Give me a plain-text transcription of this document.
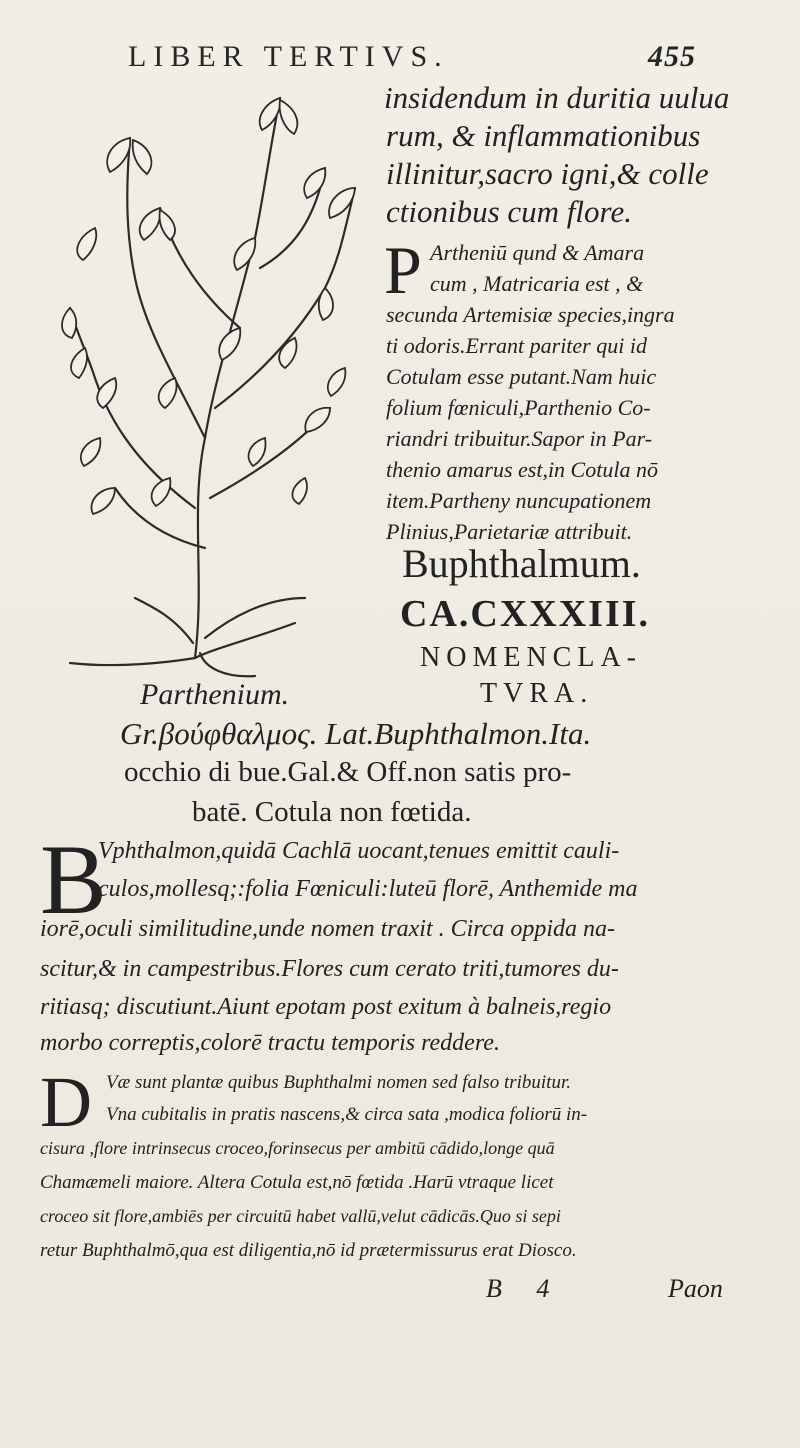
LIBER TERTIVS.	455
Parthenium.
insidendum in duritia uulua
rum, & inflammationibus
illinitur,sacro igni,& colle
ctionibus cum flore.
P Artheniū qund & Amara
cum , Matricaria est , &
secunda Artemisiæ species,ingra
ti odoris.Errant pariter qui id
Cotulam esse putant.Nam huic
folium fœniculi,Parthenio Co-
riandri tribuitur.Sapor in Par-
thenio amarus est,in Cotula nō
item.Partheny nuncupationem
Plinius,Parietariæ attribuit.
Buphthalmum.
CA.CXXXIII.
NOMENCLA-
TVRA.
Gr.βούφθαλμος. Lat.Buphthalmon.Ita.
occhio di bue.Gal.& Off.non satis pro-
batē. Cotula non fœtida.
B
Vphthalmon,quidā Cachlā uocant,tenues emittit cauli-
culos,mollesq;:folia Fœniculi:luteū florē, Anthemide ma
iorē,oculi similitudine,unde nomen traxit . Circa oppida na-
scitur,& in campestribus.Flores cum cerato triti,tumores du-
ritiasq; discutiunt.Aiunt epotam post exitum à balneis,regio
morbo correptis,colorē tractu temporis reddere.
D Væ sunt plantæ quibus Buphthalmi nomen sed falso tribuitur.
Vna cubitalis in pratis nascens,& circa sata ,modica foliorū in-
cisura ,flore intrinsecus croceo,forinsecus per ambitū cādido,longe quā
Chamæmeli maiore. Altera Cotula est,nō fœtida .Harū vtraque licet
croceo sit flore,ambiēs per circuitū habet vallū,velut cādicās.Quo si sepi
retur Buphthalmō,qua est diligentia,nō id prætermissurus erat Dioscο.
B 4	Paon
